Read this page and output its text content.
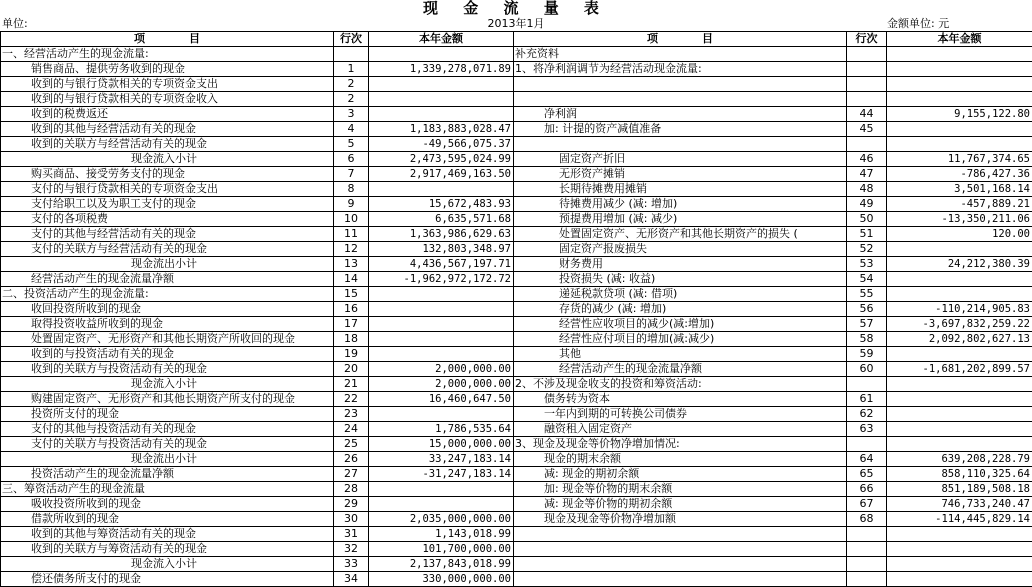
现 金 流 量 表
单位:	2013年1月	金额单位: 元
项　　　　目	行次	本年金额	项　　　　目	行次	本年金额
一、经营活动产生的现金流量:			补充资料		
销售商品、提供劳务收到的现金	1	1,339,278,071.89	1、将净利润调节为经营活动现金流量:		
收到的与银行贷款相关的专项资金支出	2				
收到的与银行贷款相关的专项资金收入	2				
收到的税费返还	3		净利润	44	9,155,122.80
收到的其他与经营活动有关的现金	4	1,183,883,028.47	加: 计提的资产减值准备	45	
收到的关联方与经营活动有关的现金	5	-49,566,075.37			
现金流入小计	6	2,473,595,024.99	固定资产折旧	46	11,767,374.65
购买商品、接受劳务支付的现金	7	2,917,469,163.50	无形资产摊销	47	-786,427.36
支付的与银行贷款相关的专项资金支出	8		长期待摊费用摊销	48	3,501,168.14
支付给职工以及为职工支付的现金	9	15,672,483.93	待摊费用减少 (减: 增加)	49	-457,889.21
支付的各项税费	10	6,635,571.68	预提费用增加 (减: 减少)	50	-13,350,211.06
支付的其他与经营活动有关的现金	11	1,363,986,629.63	处置固定资产、无形资产和其他长期资产的损失 (	51	120.00
支付的关联方与经营活动有关的现金	12	132,803,348.97	固定资产报废损失	52	
现金流出小计	13	4,436,567,197.71	财务费用	53	24,212,380.39
经营活动产生的现金流量净额	14	-1,962,972,172.72	投资损失 (减: 收益)	54	
二、投资活动产生的现金流量:	15		递延税款贷项 (减: 借项)	55	
收回投资所收到的现金	16		存货的减少 (减: 增加)	56	-110,214,905.83
取得投资收益所收到的现金	17		经营性应收项目的减少(减:增加)	57	-3,697,832,259.22
处置固定资产、无形资产和其他长期资产所收回的现金	18		经营性应付项目的增加(减:减少)	58	2,092,802,627.13
收到的与投资活动有关的现金	19		其他	59	
收到的关联方与投资活动有关的现金	20	2,000,000.00	经营活动产生的现金流量净额	60	-1,681,202,899.57
现金流入小计	21	2,000,000.00	2、不涉及现金收支的投资和筹资活动:		
购建固定资产、无形资产和其他长期资产所支付的现金	22	16,460,647.50	债务转为资本	61	
投资所支付的现金	23		一年内到期的可转换公司债券	62	
支付的其他与投资活动有关的现金	24	1,786,535.64	融资租入固定资产	63	
支付的关联方与投资活动有关的现金	25	15,000,000.00	3、现金及现金等价物净增加情况:		
现金流出小计	26	33,247,183.14	现金的期末余额	64	639,208,228.79
投资活动产生的现金流量净额	27	-31,247,183.14	减: 现金的期初余额	65	858,110,325.64
三、筹资活动产生的现金流量	28		加: 现金等价物的期末余额	66	851,189,508.18
吸收投资所收到的现金	29		减: 现金等价物的期初余额	67	746,733,240.47
借款所收到的现金	30	2,035,000,000.00	现金及现金等价物净增加额	68	-114,445,829.14
收到的其他与筹资活动有关的现金	31	1,143,018.99			
收到的关联方与筹资活动有关的现金	32	101,700,000.00			
现金流入小计	33	2,137,843,018.99			
偿还债务所支付的现金	34	330,000,000.00			
